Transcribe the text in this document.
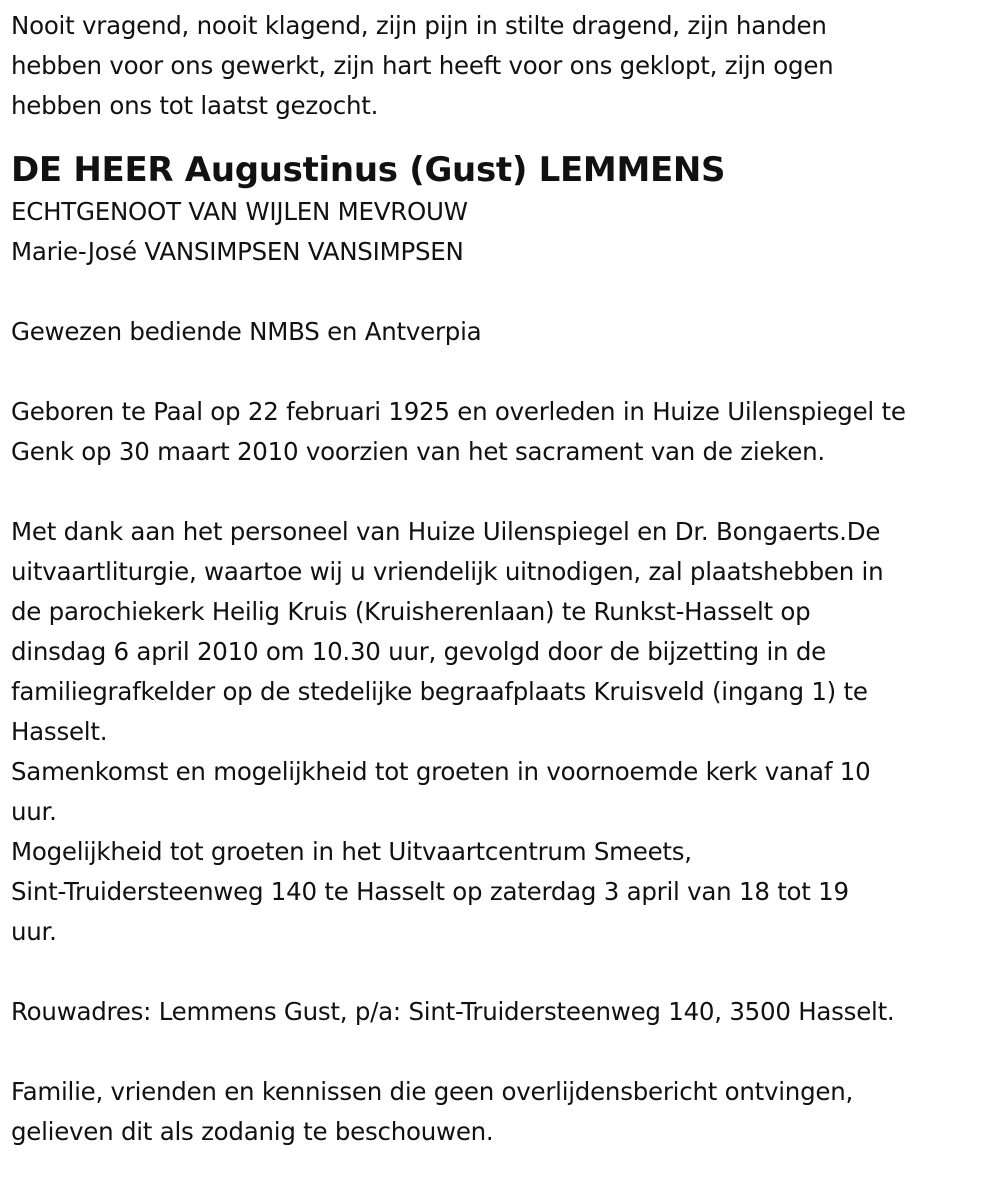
Nooit vragend, nooit klagend, zijn pijn in stilte dragend, zijn handen
hebben voor ons gewerkt, zijn hart heeft voor ons geklopt, zijn ogen
hebben ons tot laatst gezocht.
DE HEER Augustinus (Gust) LEMMENS
ECHTGENOOT VAN WIJLEN MEVROUW
Marie-José VANSIMPSEN VANSIMPSEN
Gewezen bediende NMBS en Antverpia
Geboren te Paal op 22 februari 1925 en overleden in Huize Uilenspiegel te
Genk op 30 maart 2010 voorzien van het sacrament van de zieken.
Met dank aan het personeel van Huize Uilenspiegel en Dr. Bongaerts.De
uitvaartliturgie, waartoe wij u vriendelijk uitnodigen, zal plaatshebben in
de parochiekerk Heilig Kruis (Kruisherenlaan) te Runkst-Hasselt op
dinsdag 6 april 2010 om 10.30 uur, gevolgd door de bijzetting in de
familiegrafkelder op de stedelijke begraafplaats Kruisveld (ingang 1) te
Hasselt.
Samenkomst en mogelijkheid tot groeten in voornoemde kerk vanaf 10
uur.
Mogelijkheid tot groeten in het Uitvaartcentrum Smeets,
Sint-Truidersteenweg 140 te Hasselt op zaterdag 3 april van 18 tot 19
uur.
Rouwadres: Lemmens Gust, p/a: Sint-Truidersteenweg 140, 3500 Hasselt.
Familie, vrienden en kennissen die geen overlijdensbericht ontvingen,
gelieven dit als zodanig te beschouwen.
